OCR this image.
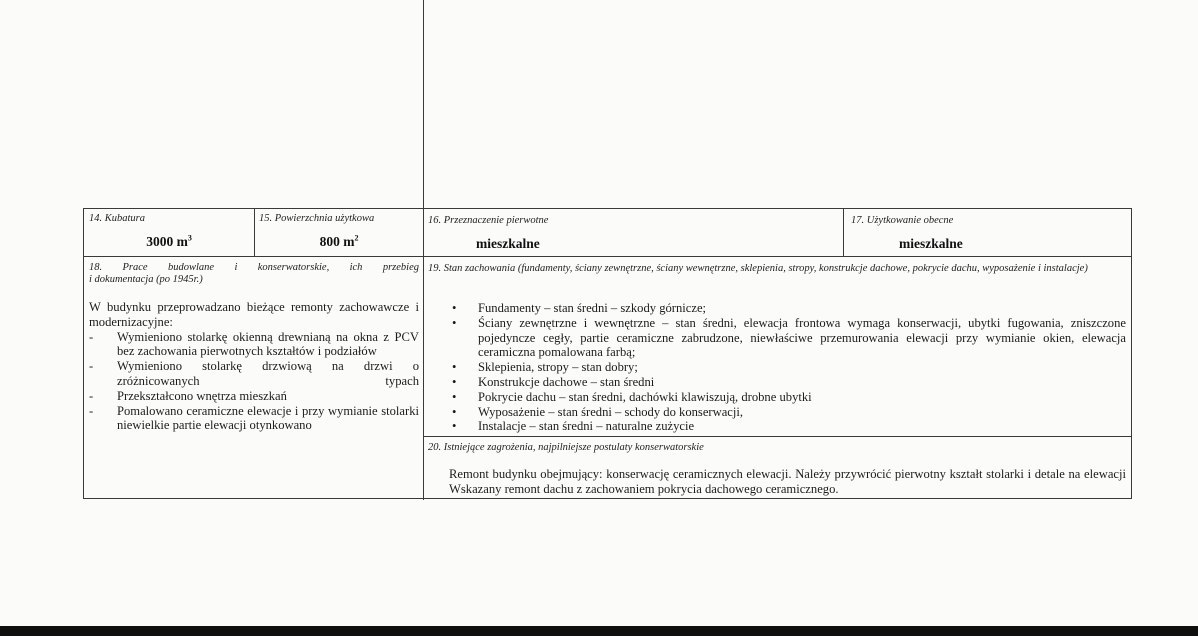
14. Kubatura
3000 $m^3$
15. Powierzchnia użytkowa
800 $m^2$
16. Przeznaczenie pierwotne
mieszkalne
17. Użytkowanie obecne
mieszkalne
18. Prace budowlane i konserwatorskie, ich przebieg
i dokumentacja (po 1945r.)
W budynku przeprowadzano bieżące remonty zachowawcze i modernizacyjne:
-	Wymieniono stolarkę okienną drewnianą na okna z PCV bez zachowania pierwotnych kształtów i podziałów
-	Wymieniono stolarkę drzwiową na drzwi o zróżnicowanych typach
-	Przekształcono wnętrza mieszkań
-	Pomalowano ceramiczne elewacje i przy wymianie stolarki niewielkie partie elewacji otynkowano
19. Stan zachowania (fundamenty, ściany zewnętrzne, ściany wewnętrzne, sklepienia, stropy, konstrukcje dachowe, pokrycie dachu, wyposażenie i instalacje)
•	Fundamenty – stan średni – szkody górnicze;
•	Ściany zewnętrzne i wewnętrzne – stan średni, elewacja frontowa wymaga konserwacji, ubytki fugowania, zniszczone pojedyncze cegły, partie ceramiczne zabrudzone, niewłaściwe przemurowania elewacji przy wymianie okien, elewacja ceramiczna pomalowana farbą;
•	Sklepienia, stropy – stan dobry;
•	Konstrukcje dachowe – stan średni
•	Pokrycie dachu – stan średni, dachówki klawiszują, drobne ubytki
•	Wyposażenie – stan średni – schody do konserwacji,
•	Instalacje – stan średni – naturalne zużycie
20. Istniejące zagrożenia, najpilniejsze postulaty konserwatorskie
Remont budynku obejmujący: konserwację ceramicznych elewacji. Należy przywrócić pierwotny kształt stolarki i detale na elewacji Wskazany remont dachu z zachowaniem pokrycia dachowego ceramicznego.
